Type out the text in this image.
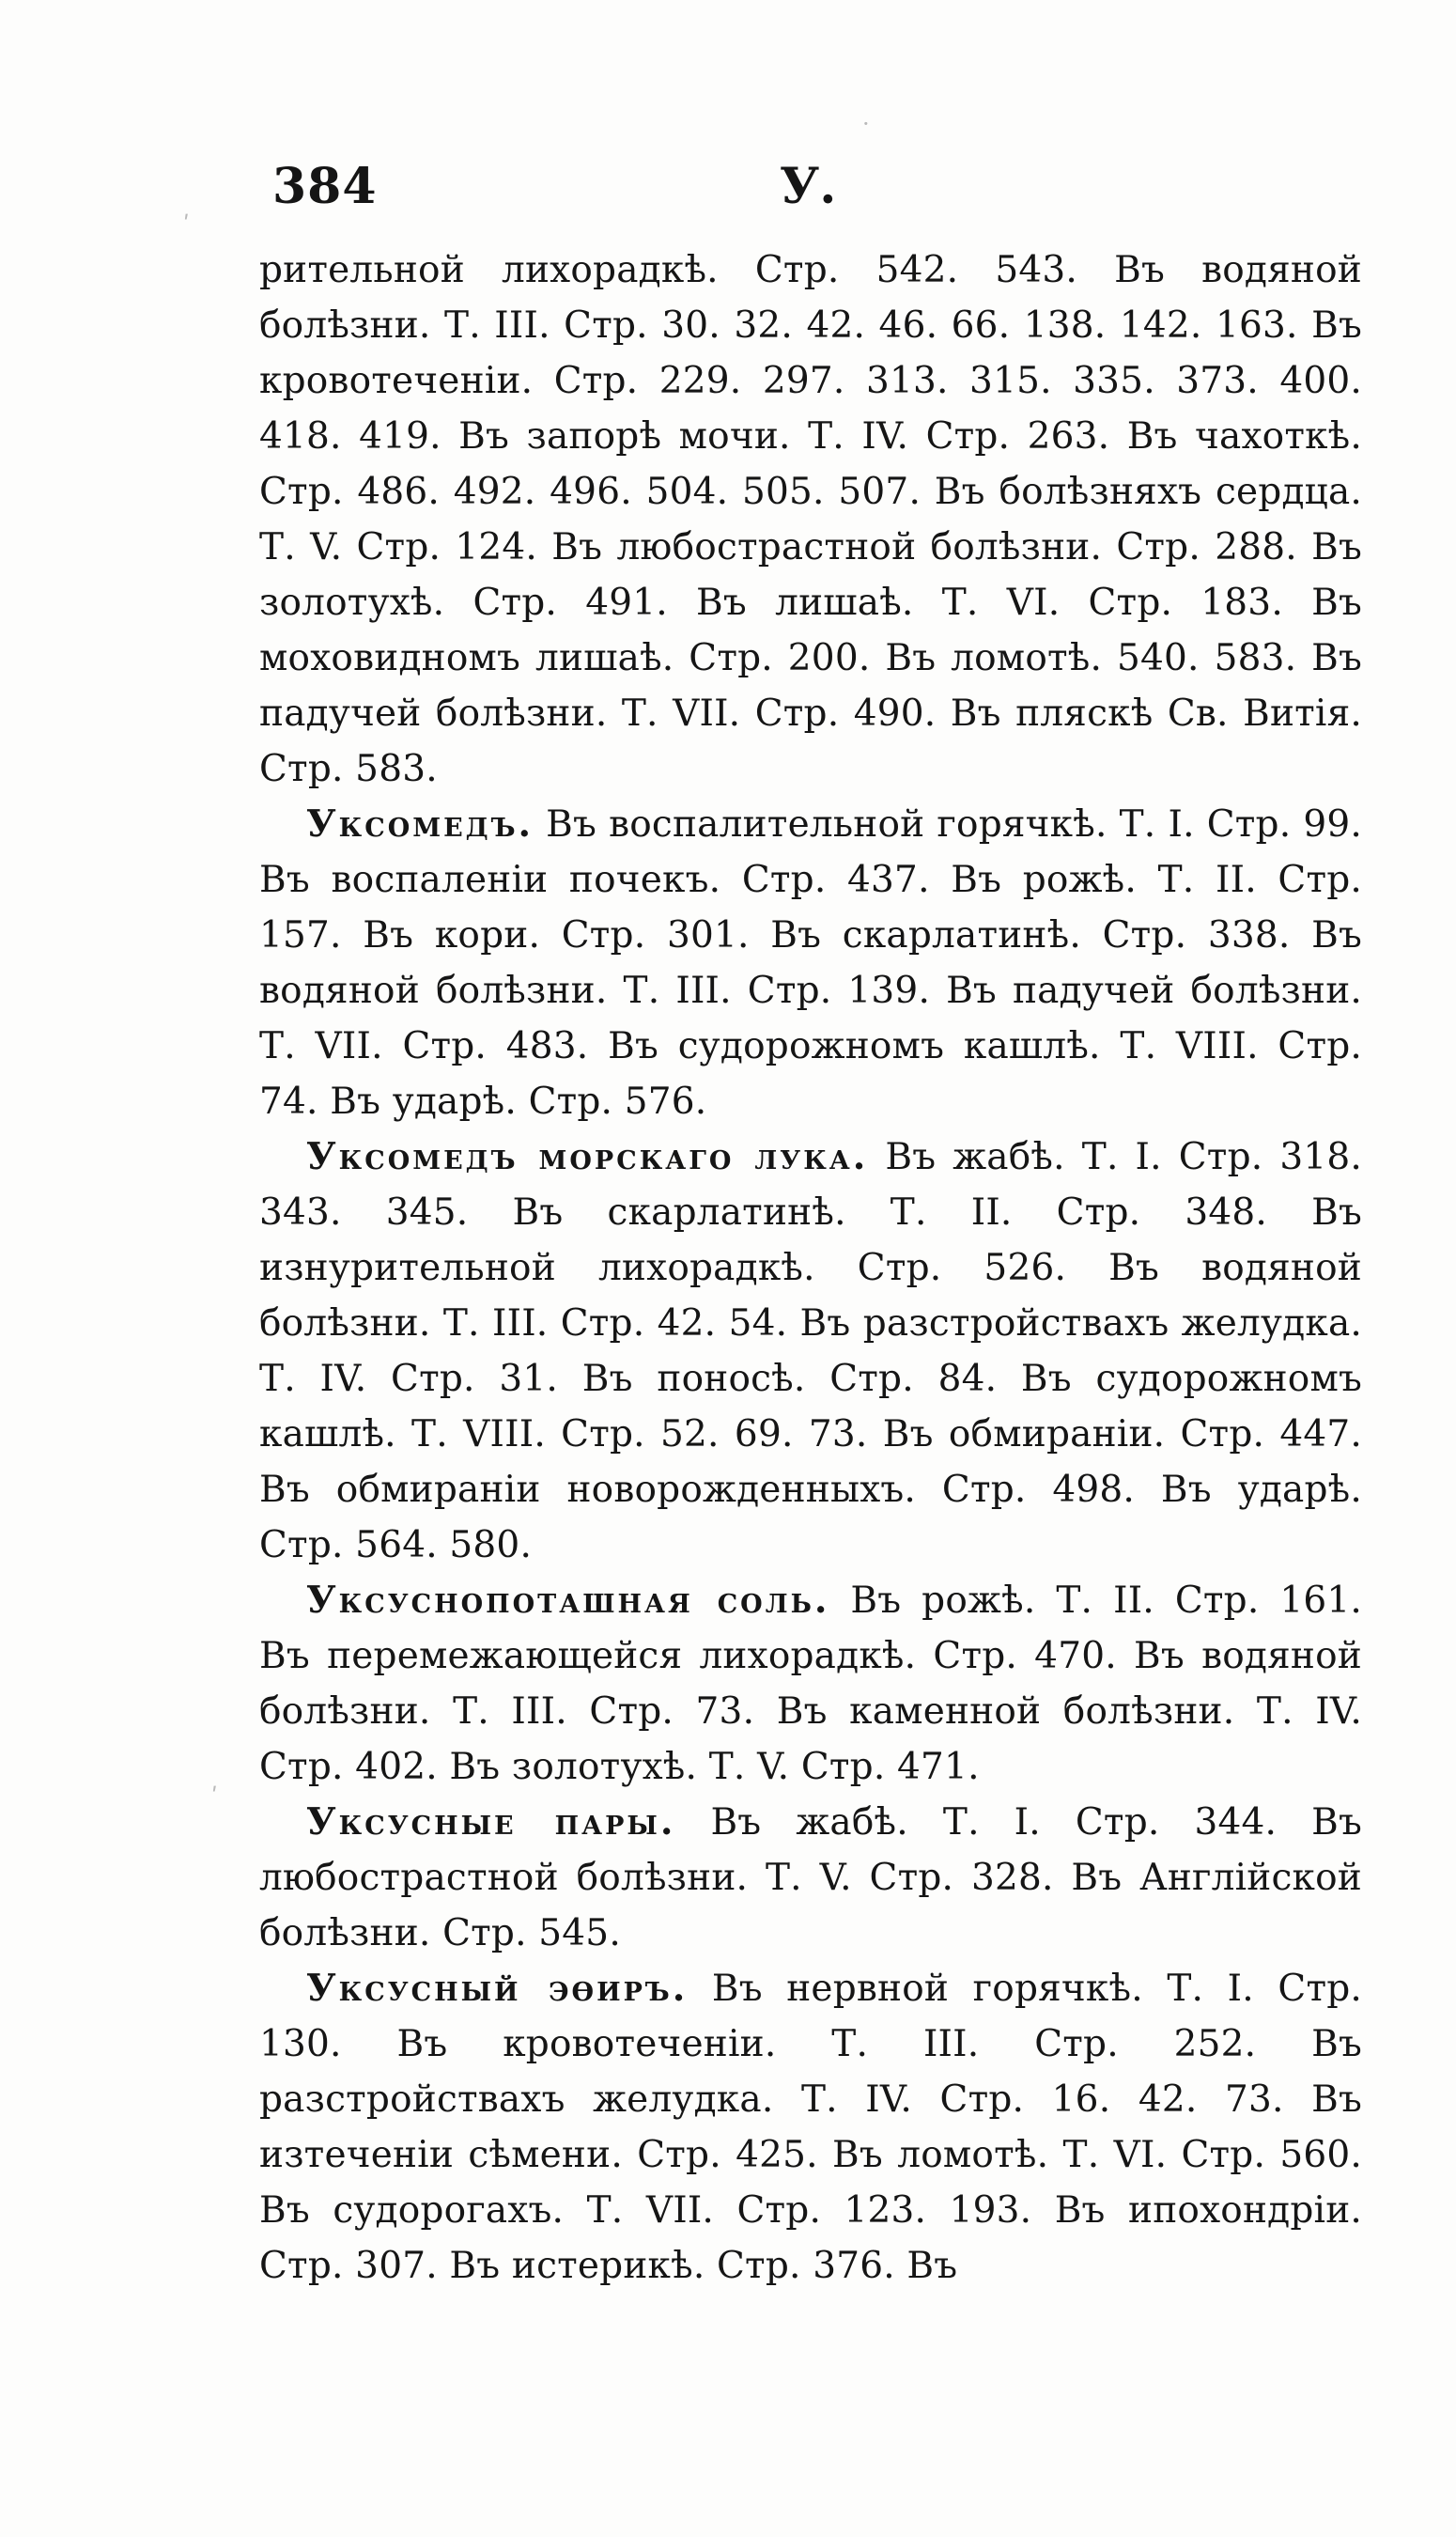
ʹ
·
ʹ
384	У.

рительной лихорадкѣ. Стр. 542. 543. Въ водяной болѣзни. Т. III. Стр. 30. 32. 42. 46. 66. 138. 142. 163. Въ кровотеченіи. Стр. 229. 297. 313. 315. 335. 373. 400. 418. 419. Въ запорѣ мочи. Т. IV. Стр. 263. Въ чахоткѣ. Стр. 486. 492. 496. 504. 505. 507. Въ болѣзняхъ сердца. Т. V. Стр. 124. Въ любострастной болѣзни. Стр. 288. Въ золотухѣ. Стр. 491. Въ лишаѣ. Т. VI. Стр. 183. Въ моховидномъ лишаѣ. Стр. 200. Въ ломотѣ. 540. 583. Въ падучей болѣзни. Т. VII. Стр. 490. Въ пляскѣ Св. Витія. Стр. 583.

Уксомедъ. Въ воспалительной горячкѣ. Т. I. Стр. 99. Въ воспаленіи почекъ. Стр. 437. Въ рожѣ. Т. II. Стр. 157. Въ кори. Стр. 301. Въ скарлатинѣ. Стр. 338. Въ водяной болѣзни. Т. III. Стр. 139. Въ падучей болѣзни. Т. VII. Стр. 483. Въ судорожномъ кашлѣ. Т. VIII. Стр. 74. Въ ударѣ. Стр. 576.

Уксомедъ морскаго лука. Въ жабѣ. Т. I. Стр. 318. 343. 345. Въ скарлатинѣ. Т. II. Стр. 348. Въ изнурительной лихорадкѣ. Стр. 526. Въ водяной болѣзни. Т. III. Стр. 42. 54. Въ разстройствахъ желудка. Т. IV. Стр. 31. Въ поносѣ. Стр. 84. Въ судорожномъ кашлѣ. Т. VIII. Стр. 52. 69. 73. Въ обмираніи. Стр. 447. Въ обмираніи новорожденныхъ. Стр. 498. Въ ударѣ. Стр. 564. 580.

Уксуснопоташная соль. Въ рожѣ. Т. II. Стр. 161. Въ перемежающейся лихорадкѣ. Стр. 470. Въ водяной болѣзни. Т. III. Стр. 73. Въ каменной болѣзни. Т. IV. Стр. 402. Въ золотухѣ. Т. V. Стр. 471.

Уксусные пары. Въ жабѣ. Т. I. Стр. 344. Въ любострастной болѣзни. Т. V. Стр. 328. Въ Англійской болѣзни. Стр. 545.

Уксусный эѳиръ. Въ нервной горячкѣ. Т. I. Стр. 130. Въ кровотеченіи. Т. III. Стр. 252. Въ разстройствахъ желудка. Т. IV. Стр. 16. 42. 73. Въ изтеченіи сѣмени. Стр. 425. Въ ломотѣ. Т. VI. Стр. 560. Въ судорогахъ. Т. VII. Стр. 123. 193. Въ ипохондріи. Стр. 307. Въ истерикѣ. Стр. 376. Въ
